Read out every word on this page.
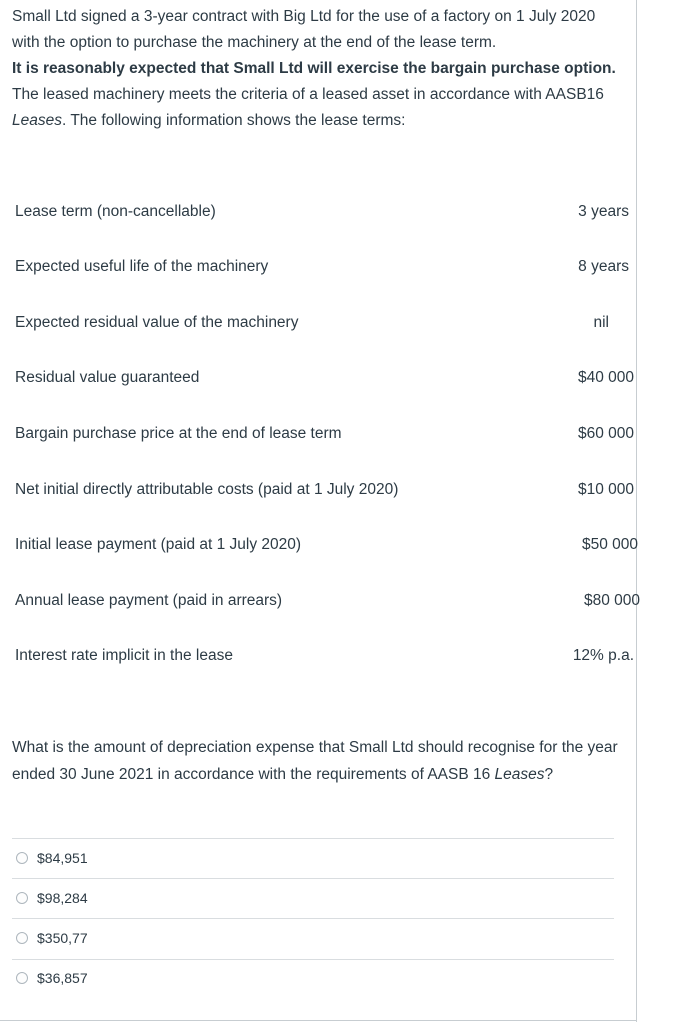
Small Ltd signed a 3-year contract with Big Ltd for the use of a factory on 1 July 2020 with the option to purchase the machinery at the end of the lease term.
It is reasonably expected that Small Ltd will exercise the bargain purchase option. The leased machinery meets the criteria of a leased asset in accordance with AASB16 Leases. The following information shows the lease terms:

Lease term (non-cancellable)	3 years
Expected useful life of the machinery	8 years
Expected residual value of the machinery	nil
Residual value guaranteed	$40 000
Bargain purchase price at the end of lease term	$60 000
Net initial directly attributable costs (paid at 1 July 2020)	$10 000
Initial lease payment (paid at 1 July 2020)	$50 000
Annual lease payment (paid in arrears)	$80 000
Interest rate implicit in the lease	12% p.a.

What is the amount of depreciation expense that Small Ltd should recognise for the year ended 30 June 2021 in accordance with the requirements of AASB 16 Leases?

$84,951
$98,284
$350,77
$36,857
